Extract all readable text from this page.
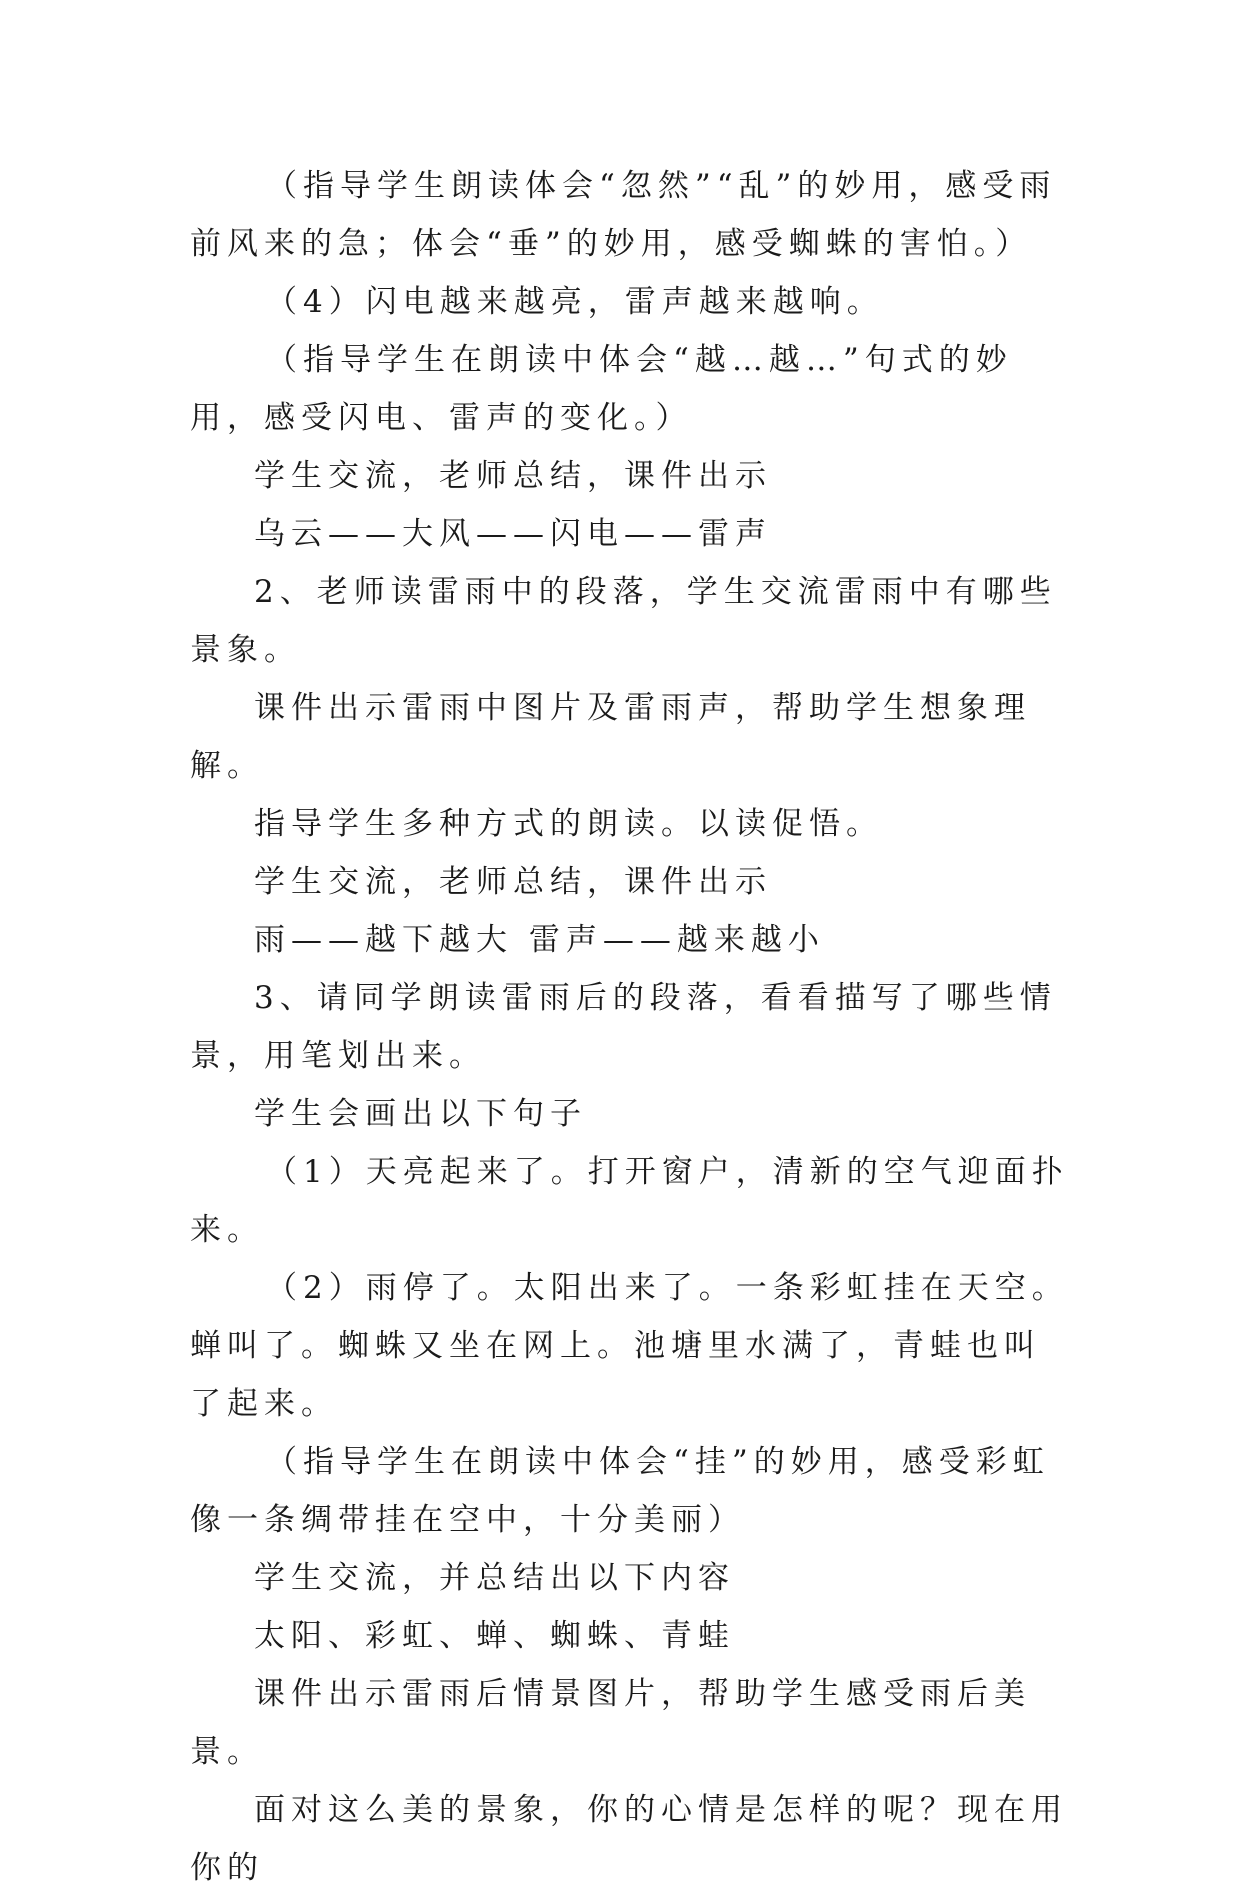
（指导学生朗读体会“忽然”“乱”的妙用，感受雨前风来的急；体会“垂”的妙用，感受蜘蛛的害怕。）

（4）闪电越来越亮，雷声越来越响。

（指导学生在朗读中体会“越…越…”句式的妙用，感受闪电、雷声的变化。）

学生交流，老师总结，课件出示

乌云——大风——闪电——雷声

2、老师读雷雨中的段落，学生交流雷雨中有哪些景象。

课件出示雷雨中图片及雷雨声，帮助学生想象理解。

指导学生多种方式的朗读。以读促悟。

学生交流，老师总结，课件出示

雨——越下越大 雷声——越来越小

3、请同学朗读雷雨后的段落，看看描写了哪些情景，用笔划出来。

学生会画出以下句子

（1）天亮起来了。打开窗户，清新的空气迎面扑来。

（2）雨停了。太阳出来了。一条彩虹挂在天空。蝉叫了。蜘蛛又坐在网上。池塘里水满了，青蛙也叫了起来。

（指导学生在朗读中体会“挂”的妙用，感受彩虹像一条绸带挂在空中，十分美丽）

学生交流，并总结出以下内容

太阳、彩虹、蝉、蜘蛛、青蛙

课件出示雷雨后情景图片，帮助学生感受雨后美景。

面对这么美的景象，你的心情是怎样的呢？现在用你的
